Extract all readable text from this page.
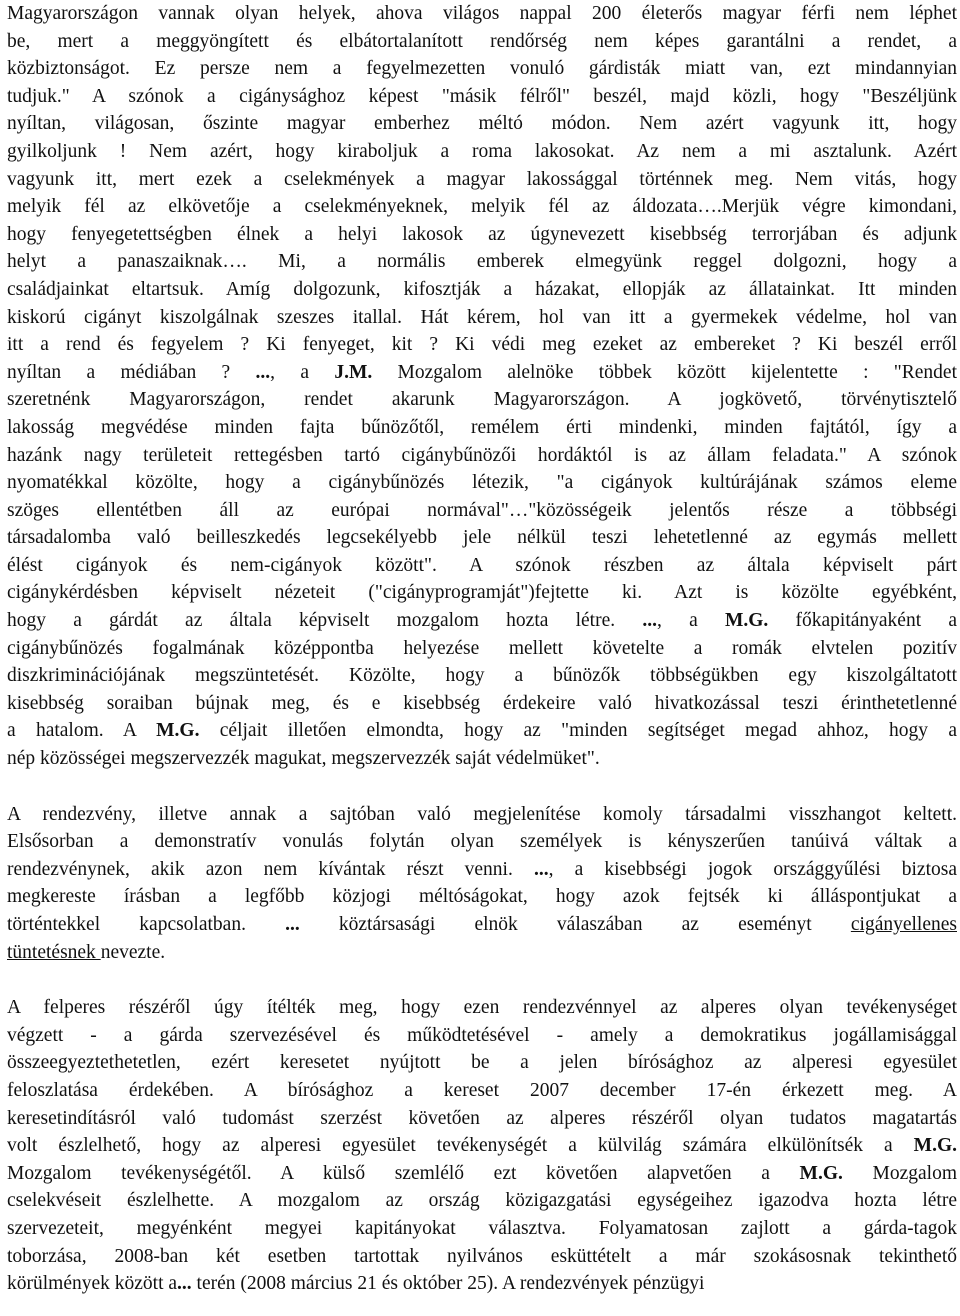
Magyarországon vannak olyan helyek, ahova világos nappal 200 életerős magyar férfi nem léphet
be, mert a meggyöngített és elbátortalanított rendőrség nem képes garantálni a rendet, a
közbiztonságot. Ez persze nem a fegyelmezetten vonuló gárdisták miatt van, ezt mindannyian
tudjuk." A szónok a cigánysághoz képest "másik félről" beszél, majd közli, hogy "Beszéljünk
nyíltan, világosan, őszinte magyar emberhez méltó módon. Nem azért vagyunk itt, hogy
gyilkoljunk ! Nem azért, hogy kiraboljuk a roma lakosokat. Az nem a mi asztalunk. Azért
vagyunk itt, mert ezek a cselekmények a magyar lakossággal történnek meg. Nem vitás, hogy
melyik fél az elkövetője a cselekményeknek, melyik fél az áldozata….Merjük végre kimondani,
hogy fenyegetettségben élnek a helyi lakosok az úgynevezett kisebbség terrorjában és adjunk
helyt a panaszaiknak…. Mi, a normális emberek elmegyünk reggel dolgozni, hogy a
családjainkat eltartsuk. Amíg dolgozunk, kifosztják a házakat, ellopják az állatainkat. Itt minden
kiskorú cigányt kiszolgálnak szeszes itallal. Hát kérem, hol van itt a gyermekek védelme, hol van
itt a rend és fegyelem ? Ki fenyeget, kit ? Ki védi meg ezeket az embereket ? Ki beszél erről
nyíltan a médiában ? ..., a J.M. Mozgalom alelnöke többek között kijelentette : "Rendet
szeretnénk Magyarországon, rendet akarunk Magyarországon. A jogkövető, törvénytisztelő
lakosság megvédése minden fajta bűnözőtől, remélem érti mindenki, minden fajtától, így a
hazánk nagy területeit rettegésben tartó cigánybűnözői hordáktól is az állam feladata." A szónok
nyomatékkal közölte, hogy a cigánybűnözés létezik, "a cigányok kultúrájának számos eleme
szöges ellentétben áll az európai normával"…"közösségeik jelentős része a többségi
társadalomba való beilleszkedés legcsekélyebb jele nélkül teszi lehetetlenné az egymás mellett
élést cigányok és nem-cigányok között". A szónok részben az általa képviselt párt
cigánykérdésben képviselt nézeteit ("cigányprogramját")fejtette ki. Azt is közölte egyébként,
hogy a gárdát az általa képviselt mozgalom hozta létre. ..., a M.G. főkapitányaként a
cigánybűnözés fogalmának középpontba helyezése mellett követelte a romák elvtelen pozitív
diszkriminációjának megszüntetését. Közölte, hogy a bűnözők többségükben egy kiszolgáltatott
kisebbség soraiban bújnak meg, és e kisebbség érdekeire való hivatkozással teszi érinthetetlenné
a hatalom. A M.G. céljait illetően elmondta, hogy az "minden segítséget megad ahhoz, hogy a
nép közösségei megszervezzék magukat, megszervezzék saját védelmüket".
A rendezvény, illetve annak a sajtóban való megjelenítése komoly társadalmi visszhangot keltett.
Elsősorban a demonstratív vonulás folytán olyan személyek is kényszerűen tanúivá váltak a
rendezvénynek, akik azon nem kívántak részt venni. ..., a kisebbségi jogok országgyűlési biztosa
megkereste írásban a legfőbb közjogi méltóságokat, hogy azok fejtsék ki álláspontjukat a
történtekkel kapcsolatban. ... köztársasági elnök válaszában az eseményt cigányellenes
tüntetésnek nevezte.
A felperes részéről úgy ítélték meg, hogy ezen rendezvénnyel az alperes olyan tevékenységet
végzett - a gárda szervezésével és működtetésével - amely a demokratikus jogállamisággal
összeegyeztethetetlen, ezért keresetet nyújtott be a jelen bírósághoz az alperesi egyesület
feloszlatása érdekében. A bírósághoz a kereset 2007 december 17-én érkezett meg. A
keresetindításról való tudomást szerzést követően az alperes részéről olyan tudatos magatartás
volt észlelhető, hogy az alperesi egyesület tevékenységét a külvilág számára elkülönítsék a M.G.
Mozgalom tevékenységétől. A külső szemlélő ezt követően alapvetően a M.G. Mozgalom
cselekvéseit észlelhette. A mozgalom az ország közigazgatási egységeihez igazodva hozta létre
szervezeteit, megyénként megyei kapitányokat választva. Folyamatosan zajlott a gárda-tagok
toborzása, 2008-ban két esetben tartottak nyilvános esküttételt a már szokásosnak tekinthető
körülmények között a... terén (2008 március 21 és október 25). A rendezvények pénzügyi
